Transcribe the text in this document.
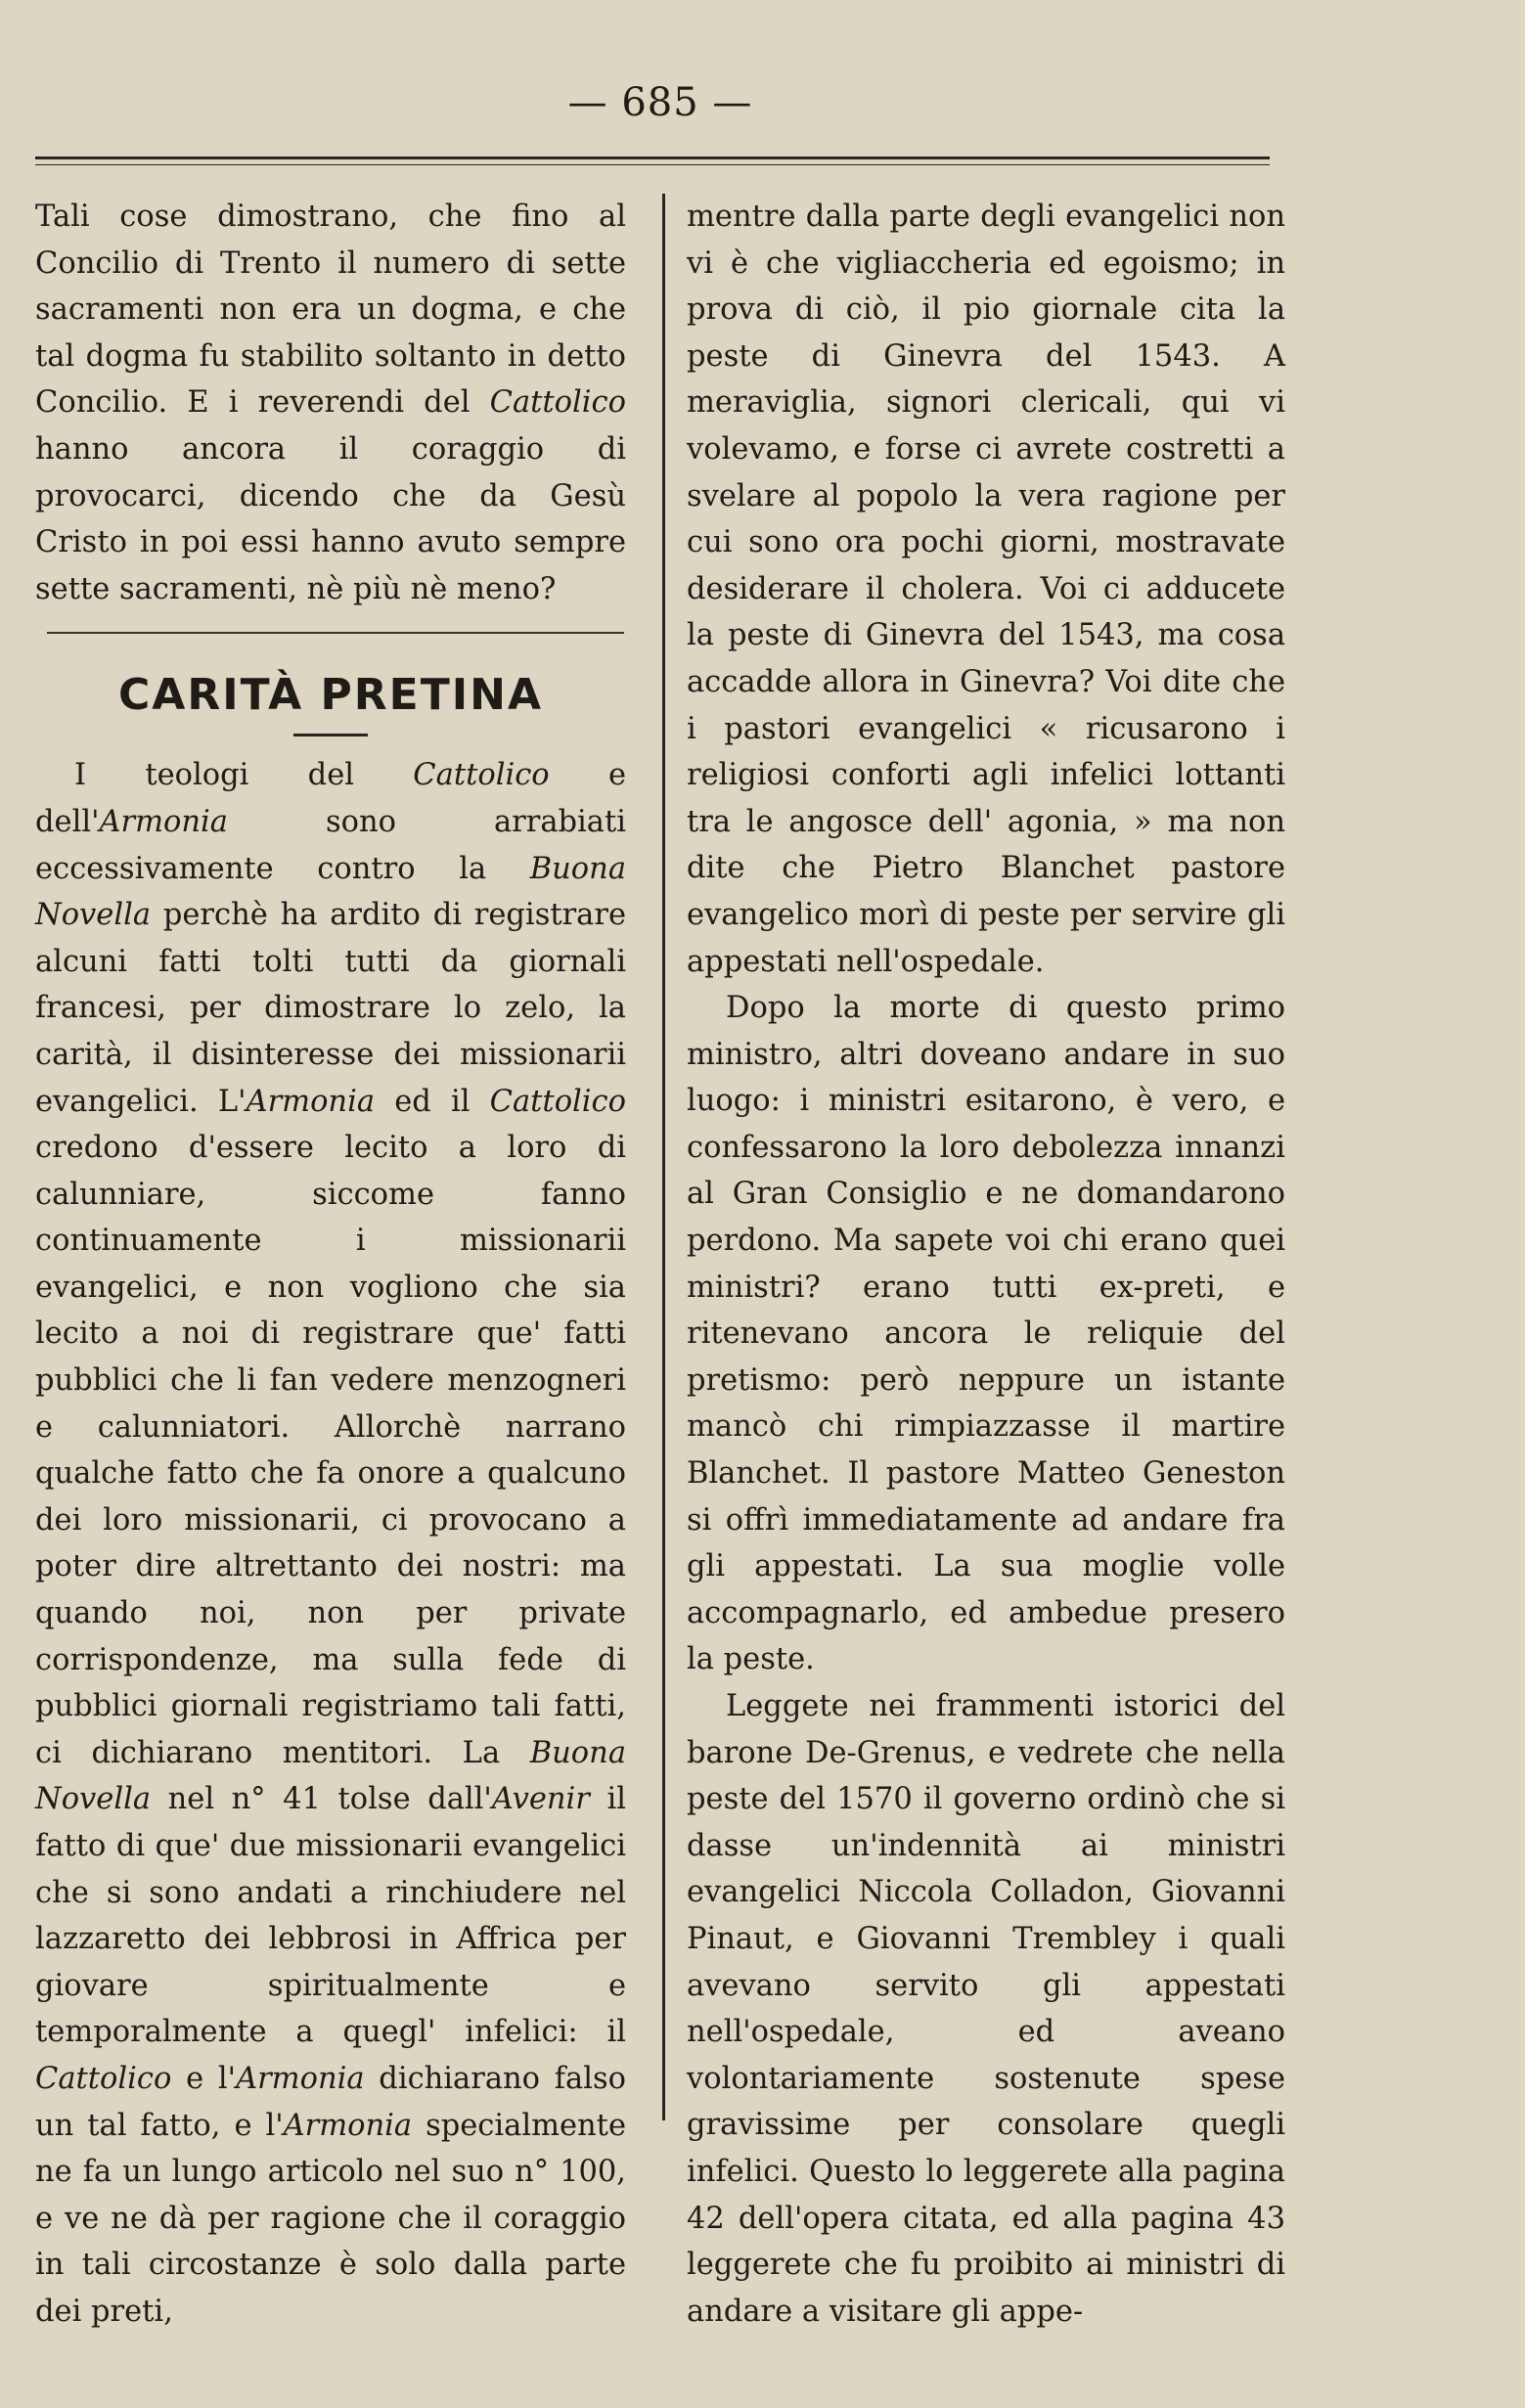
— 685 —

Tali cose dimostrano, che fino al Concilio di Trento il numero di sette sacramenti non era un dogma, e che tal dogma fu stabilito soltanto in detto Concilio. E i reverendi del Cattolico hanno ancora il coraggio di provocarci, dicendo che da Gesù Cristo in poi essi hanno avuto sempre sette sacramenti, nè più nè meno?

CARITÀ PRETINA

I teologi del Cattolico e dell'Armonia sono arrabiati eccessivamente contro la Buona Novella perchè ha ardito di registrare alcuni fatti tolti tutti da giornali francesi, per dimostrare lo zelo, la carità, il disinteresse dei missionarii evangelici. L'Armonia ed il Cattolico credono d'essere lecito a loro di calunniare, siccome fanno continuamente i missionarii evangelici, e non vogliono che sia lecito a noi di registrare que' fatti pubblici che li fan vedere menzogneri e calunniatori. Allorchè narrano qualche fatto che fa onore a qualcuno dei loro missionarii, ci provocano a poter dire altrettanto dei nostri: ma quando noi, non per private corrispondenze, ma sulla fede di pubblici giornali registriamo tali fatti, ci dichiarano mentitori. La Buona Novella nel n° 41 tolse dall'Avenir il fatto di que' due missionarii evangelici che si sono andati a rinchiudere nel lazzaretto dei lebbrosi in Affrica per giovare spiritualmente e temporalmente a quegl' infelici: il Cattolico e l'Armonia dichiarano falso un tal fatto, e l'Armonia specialmente ne fa un lungo articolo nel suo n° 100, e ve ne dà per ragione che il coraggio in tali circostanze è solo dalla parte dei preti,

mentre dalla parte degli evangelici non vi è che vigliaccheria ed egoismo; in prova di ciò, il pio giornale cita la peste di Ginevra del 1543. A meraviglia, signori clericali, qui vi volevamo, e forse ci avrete costretti a svelare al popolo la vera ragione per cui sono ora pochi giorni, mostravate desiderare il cholera. Voi ci adducete la peste di Ginevra del 1543, ma cosa accadde allora in Ginevra? Voi dite che i pastori evangelici « ricusarono i religiosi conforti agli infelici lottanti tra le angosce dell' agonia, » ma non dite che Pietro Blanchet pastore evangelico morì di peste per servire gli appestati nell'ospedale.

Dopo la morte di questo primo ministro, altri doveano andare in suo luogo: i ministri esitarono, è vero, e confessarono la loro debolezza innanzi al Gran Consiglio e ne domandarono perdono. Ma sapete voi chi erano quei ministri? erano tutti ex-preti, e ritenevano ancora le reliquie del pretismo: però neppure un istante mancò chi rimpiazzasse il martire Blanchet. Il pastore Matteo Geneston si offrì immediatamente ad andare fra gli appestati. La sua moglie volle accompagnarlo, ed ambedue presero la peste.

Leggete nei frammenti istorici del barone De-Grenus, e vedrete che nella peste del 1570 il governo ordinò che si dasse un'indennità ai ministri evangelici Niccola Colladon, Giovanni Pinaut, e Giovanni Trembley i quali avevano servito gli appestati nell'ospedale, ed aveano volontariamente sostenute spese gravissime per consolare quegli infelici. Questo lo leggerete alla pagina 42 dell'opera citata, ed alla pagina 43 leggerete che fu proibito ai ministri di andare a visitare gli appe-
